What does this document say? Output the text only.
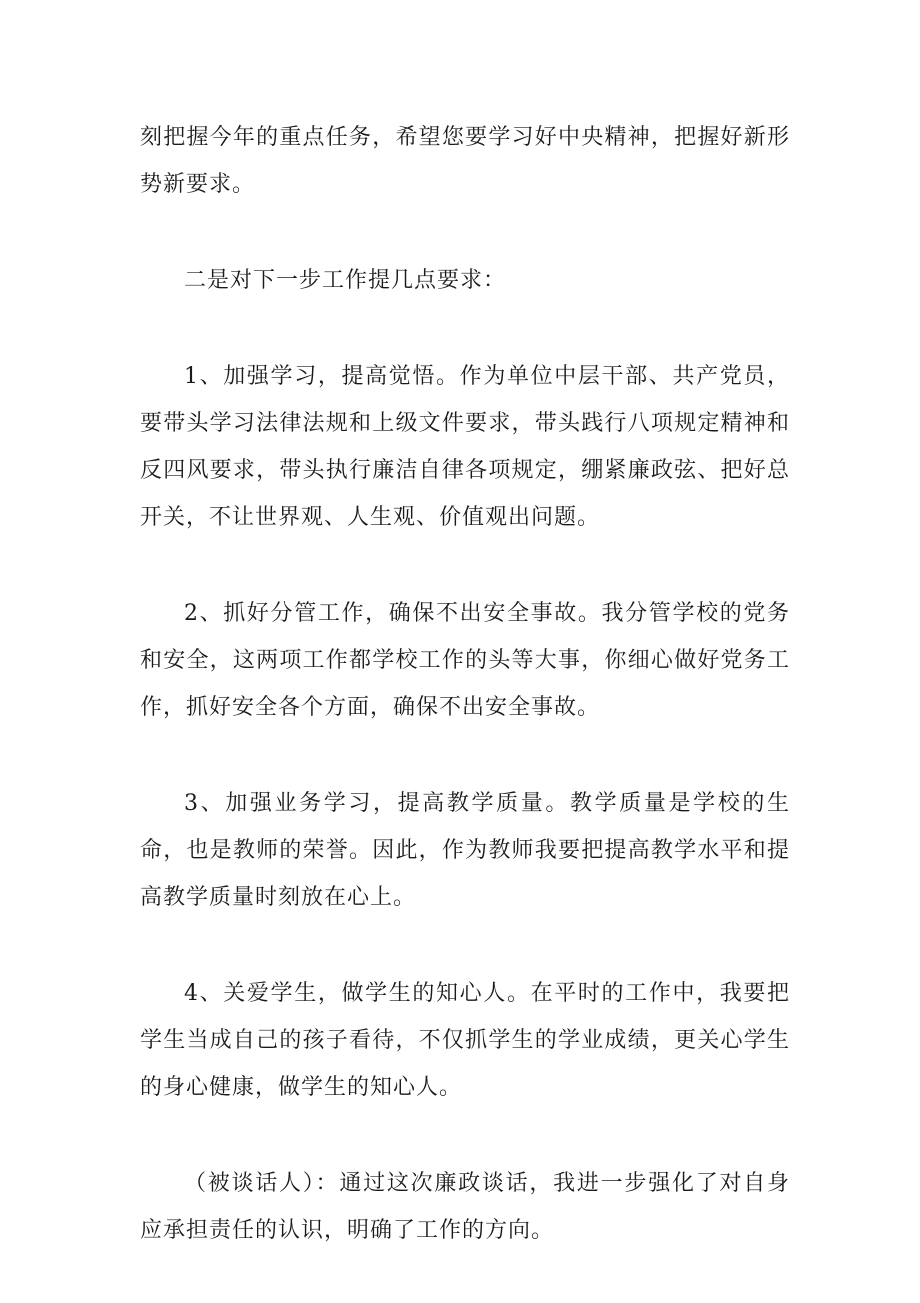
刻把握今年的重点任务，希望您要学习好中央精神，把握好新形势新要求。

二是对下一步工作提几点要求：

1、加强学习，提高觉悟。作为单位中层干部、共产党员，要带头学习法律法规和上级文件要求，带头践行八项规定精神和反四风要求，带头执行廉洁自律各项规定，绷紧廉政弦、把好总开关，不让世界观、人生观、价值观出问题。

2、抓好分管工作，确保不出安全事故。我分管学校的党务和安全，这两项工作都学校工作的头等大事，你细心做好党务工作，抓好安全各个方面，确保不出安全事故。

3、加强业务学习，提高教学质量。教学质量是学校的生命，也是教师的荣誉。因此，作为教师我要把提高教学水平和提高教学质量时刻放在心上。

4、关爱学生，做学生的知心人。在平时的工作中，我要把学生当成自己的孩子看待，不仅抓学生的学业成绩，更关心学生的身心健康，做学生的知心人。

（被谈话人）：通过这次廉政谈话，我进一步强化了对自身应承担责任的认识，明确了工作的方向。
